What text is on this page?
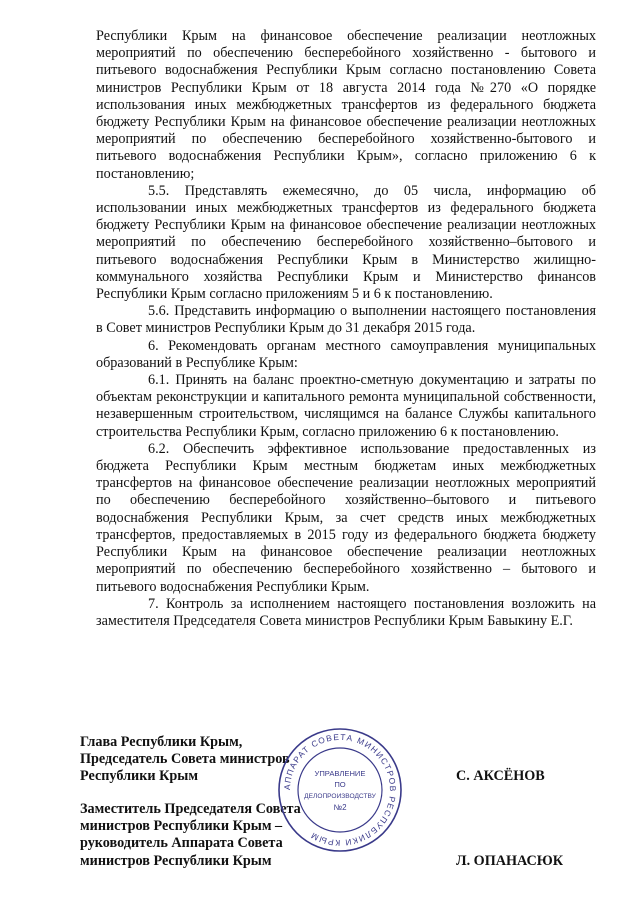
Республики Крым на финансовое обеспечение реализации неотложных мероприятий по обеспечению бесперебойного хозяйственно - бытового и питьевого водоснабжения Республики Крым согласно постановлению Совета министров Республики Крым от 18 августа 2014 года №270 «О порядке использования иных межбюджетных трансфертов из федерального бюджета бюджету Республики Крым на финансовое обеспечение реализации неотложных мероприятий по обеспечению бесперебойного хозяйственно-бытового и питьевого водоснабжения Республики Крым», согласно приложению 6 к постановлению;

5.5. Представлять ежемесячно, до 05 числа, информацию об использовании иных межбюджетных трансфертов из федерального бюджета бюджету Республики Крым на финансовое обеспечение реализации неотложных мероприятий по обеспечению бесперебойного хозяйственно–бытового и питьевого водоснабжения Республики Крым в Министерство жилищно-коммунального хозяйства Республики Крым и Министерство финансов Республики Крым согласно приложениям 5 и 6 к постановлению.

5.6. Представить информацию о выполнении настоящего постановления в Совет министров Республики Крым до 31 декабря 2015 года.

6. Рекомендовать органам местного самоуправления муниципальных образований в Республике Крым:

6.1. Принять на баланс проектно-сметную документацию и затраты по объектам реконструкции и капитального ремонта муниципальной собственности, незавершенным строительством, числящимся на балансе Службы капитального строительства Республики Крым, согласно приложению 6 к постановлению.

6.2. Обеспечить эффективное использование предоставленных из бюджета Республики Крым местным бюджетам иных межбюджетных трансфертов на финансовое обеспечение реализации неотложных мероприятий по обеспечению бесперебойного хозяйственно–бытового и питьевого водоснабжения Республики Крым, за счет средств иных межбюджетных трансфертов, предоставляемых в 2015 году из федерального бюджета бюджету Республики Крым на финансовое обеспечение реализации неотложных мероприятий по обеспечению бесперебойного хозяйственно – бытового и питьевого водоснабжения Республики Крым.

7. Контроль за исполнением настоящего постановления возложить на заместителя Председателя Совета министров Республики Крым Бавыкину Е.Г.

Глава Республики Крым,
Председатель Совета министров
Республики Крым	С. АКСЁНОВ
Заместитель Председателя Совета
министров Республики Крым –
руководитель Аппарата Совета
министров Республики Крым	Л. ОПАНАСЮК
АППАРАТ СОВЕТА МИНИСТРОВ РЕСПУБЛИКИ КРЫМ
УПРАВЛЕНИЕ
ПО
ДЕЛОПРОИЗВОДСТВУ
№2
